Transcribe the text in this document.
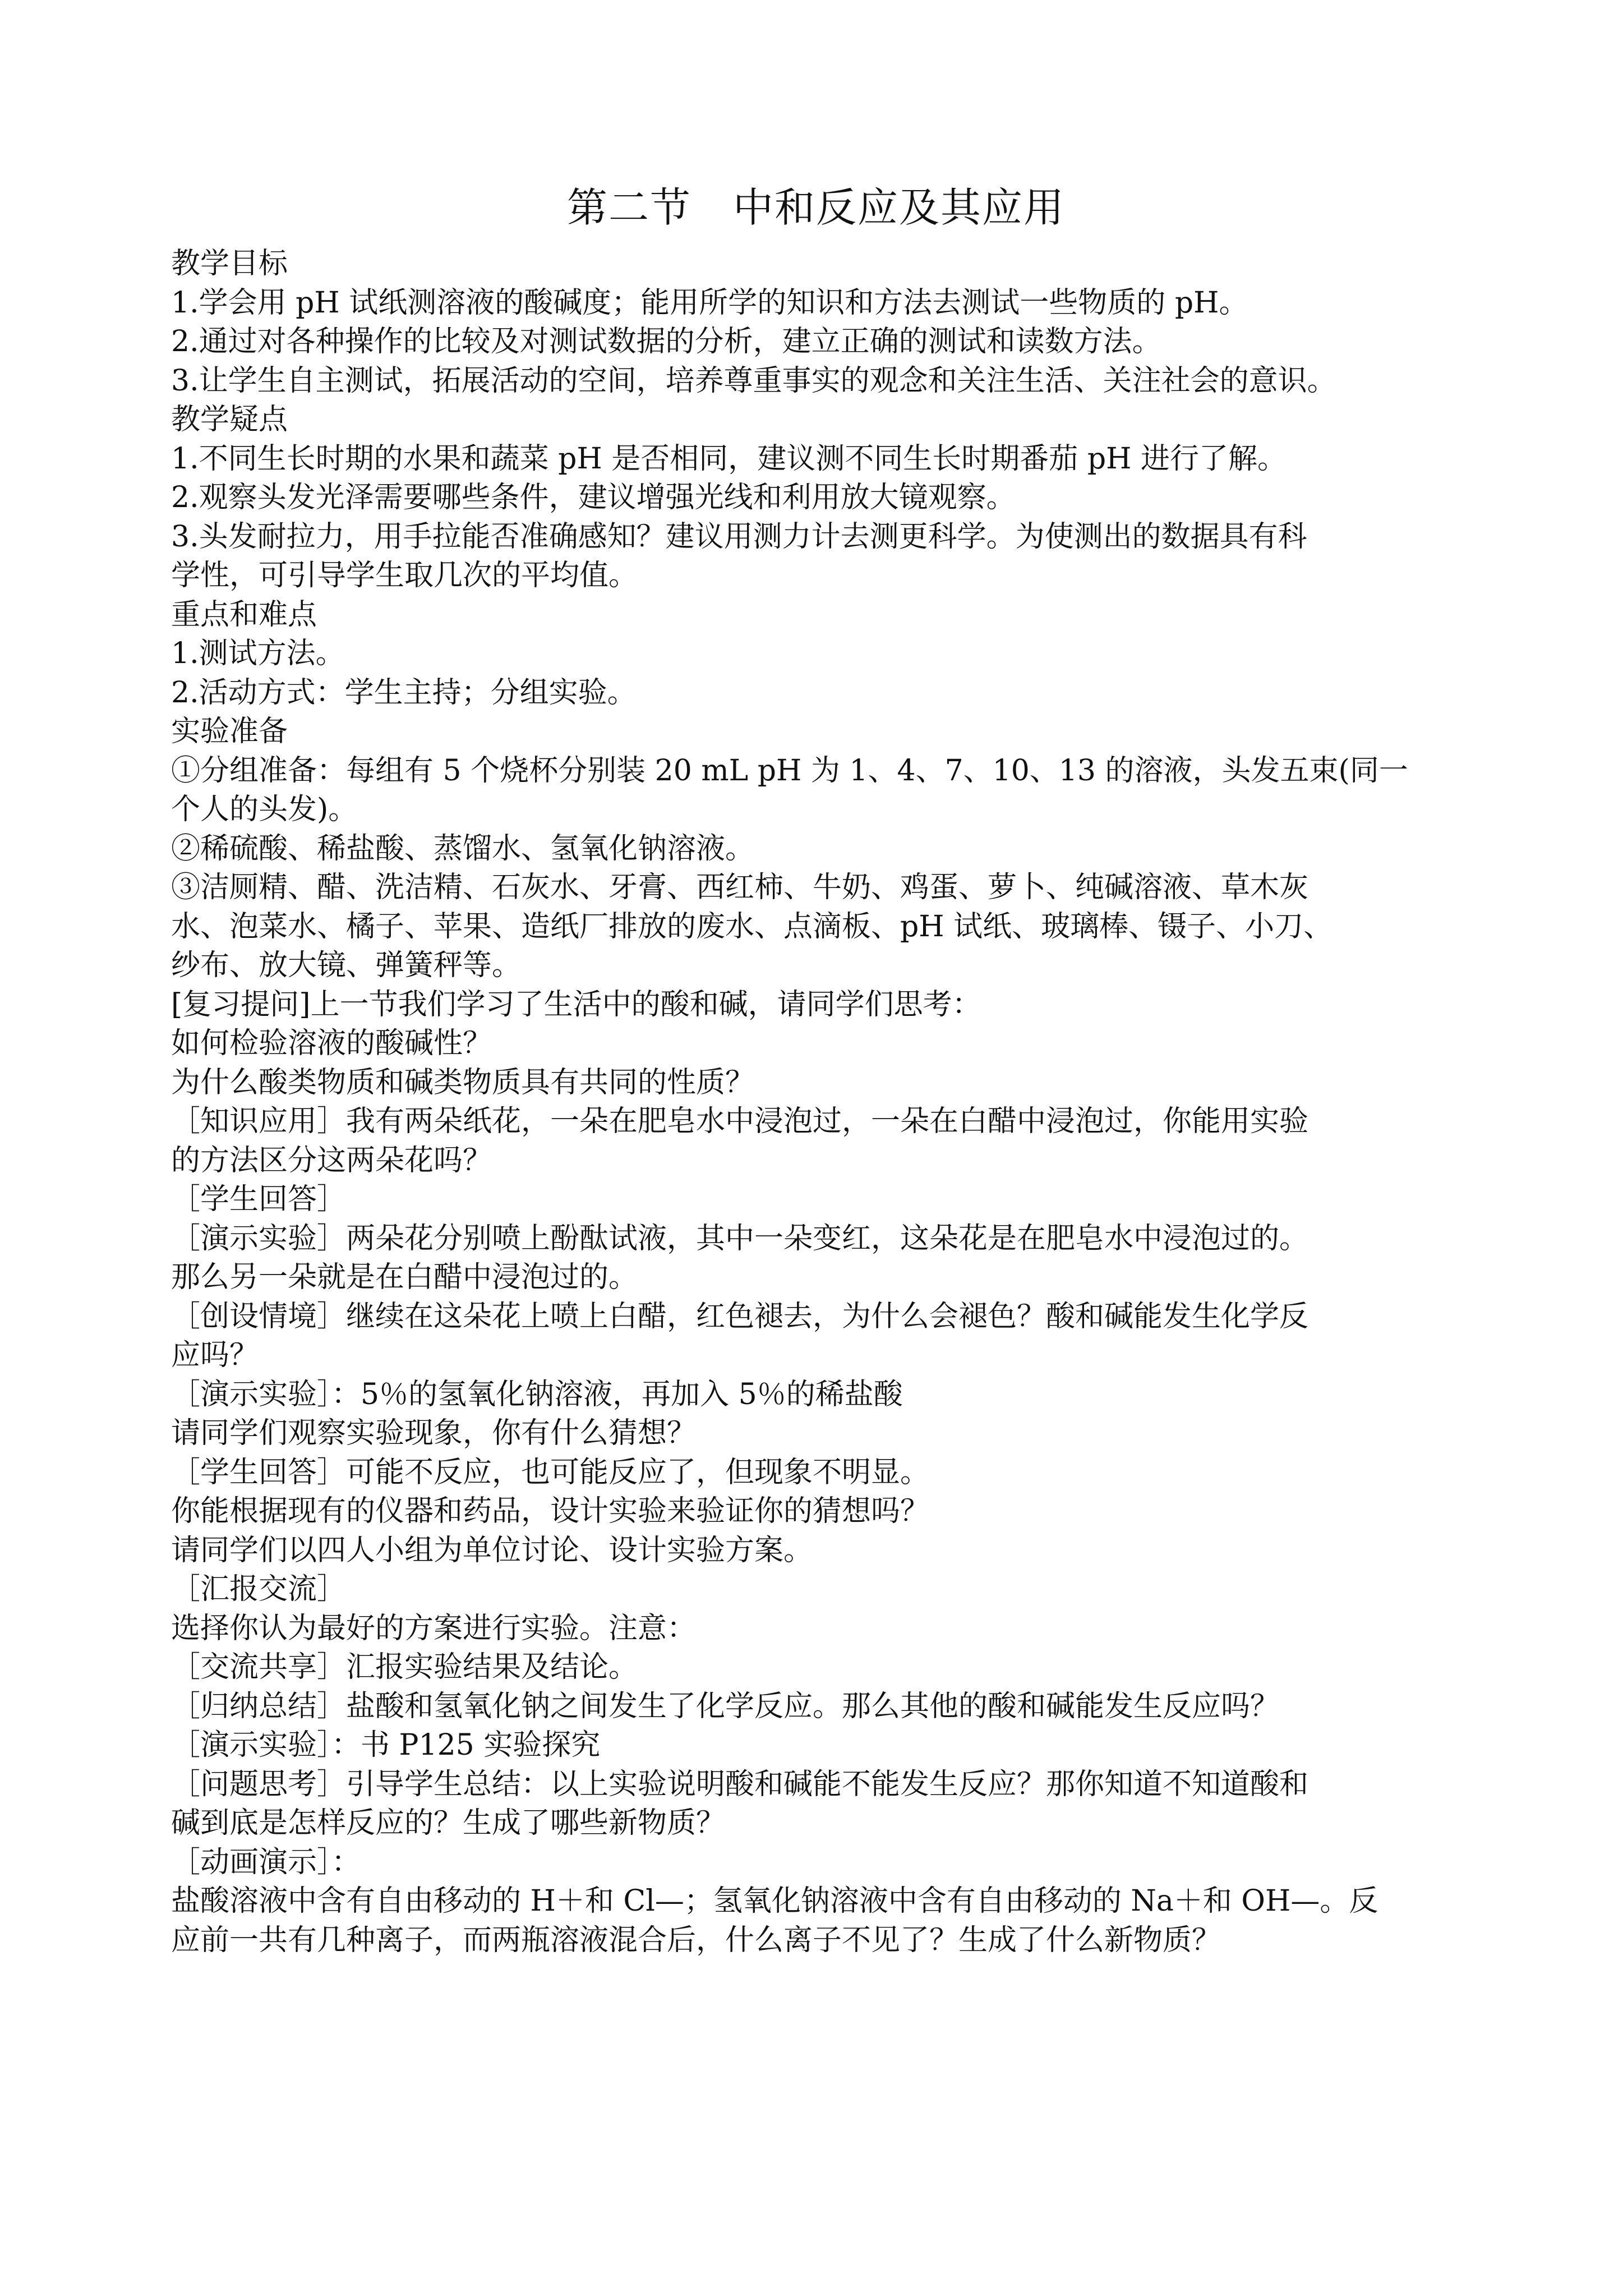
第二节　中和反应及其应用

教学目标

1.学会用 pH 试纸测溶液的酸碱度；能用所学的知识和方法去测试一些物质的 pH。

2.通过对各种操作的比较及对测试数据的分析，建立正确的测试和读数方法。

3.让学生自主测试，拓展活动的空间，培养尊重事实的观念和关注生活、关注社会的意识。

教学疑点

1.不同生长时期的水果和蔬菜 pH 是否相同，建议测不同生长时期番茄 pH 进行了解。

2.观察头发光泽需要哪些条件，建议增强光线和利用放大镜观察。

3.头发耐拉力，用手拉能否准确感知？建议用测力计去测更科学。为使测出的数据具有科

学性，可引导学生取几次的平均值。

重点和难点

1.测试方法。

2.活动方式：学生主持；分组实验。

实验准备

①分组准备：每组有 5 个烧杯分别装 20 mL pH 为 1、4、7、10、13 的溶液，头发五束(同一

个人的头发)。

②稀硫酸、稀盐酸、蒸馏水、氢氧化钠溶液。

③洁厕精、醋、洗洁精、石灰水、牙膏、西红柿、牛奶、鸡蛋、萝卜、纯碱溶液、草木灰

水、泡菜水、橘子、苹果、造纸厂排放的废水、点滴板、pH 试纸、玻璃棒、镊子、小刀、

纱布、放大镜、弹簧秤等。

[复习提问]上一节我们学习了生活中的酸和碱，请同学们思考：

如何检验溶液的酸碱性？

为什么酸类物质和碱类物质具有共同的性质？

［知识应用］我有两朵纸花，一朵在肥皂水中浸泡过，一朵在白醋中浸泡过，你能用实验

的方法区分这两朵花吗？

［学生回答］

［演示实验］两朵花分别喷上酚酞试液，其中一朵变红，这朵花是在肥皂水中浸泡过的。

那么另一朵就是在白醋中浸泡过的。

［创设情境］继续在这朵花上喷上白醋，红色褪去，为什么会褪色？酸和碱能发生化学反

应吗？

［演示实验］：5％的氢氧化钠溶液，再加入 5％的稀盐酸

请同学们观察实验现象，你有什么猜想？

［学生回答］可能不反应，也可能反应了，但现象不明显。

你能根据现有的仪器和药品，设计实验来验证你的猜想吗？

请同学们以四人小组为单位讨论、设计实验方案。

［汇报交流］

选择你认为最好的方案进行实验。注意：

［交流共享］汇报实验结果及结论。

［归纳总结］盐酸和氢氧化钠之间发生了化学反应。那么其他的酸和碱能发生反应吗？

［演示实验］：书 P125 实验探究

［问题思考］引导学生总结：以上实验说明酸和碱能不能发生反应？那你知道不知道酸和

碱到底是怎样反应的？生成了哪些新物质？

［动画演示］：

盐酸溶液中含有自由移动的 H＋和 Cl—；氢氧化钠溶液中含有自由移动的 Na＋和 OH—。反

应前一共有几种离子，而两瓶溶液混合后，什么离子不见了？生成了什么新物质？
